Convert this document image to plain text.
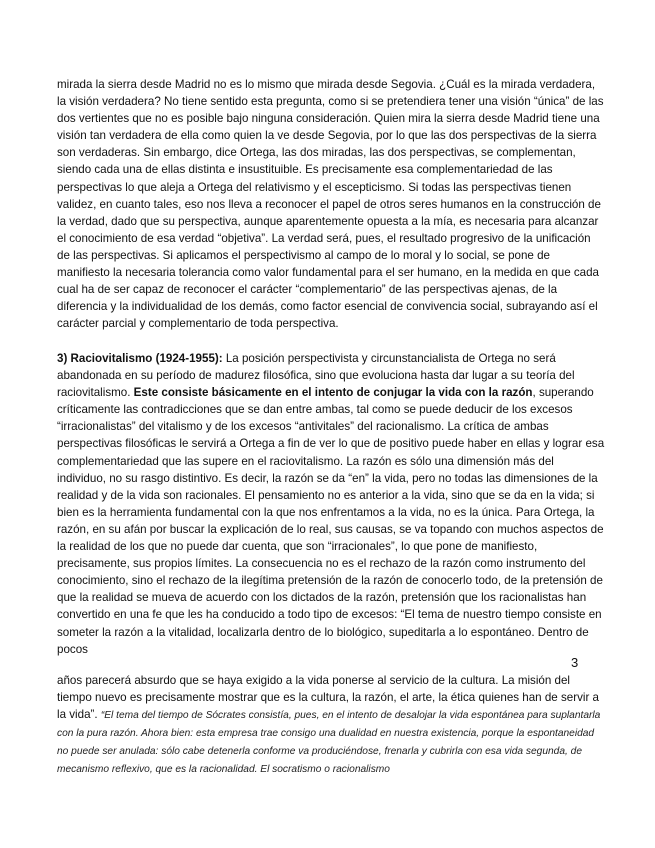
mirada la sierra desde Madrid no es lo mismo que mirada desde Segovia. ¿Cuál es la mirada verdadera, la visión verdadera? No tiene sentido esta pregunta, como si se pretendiera tener una visión “única” de las dos vertientes que no es posible bajo ninguna consideración. Quien mira la sierra desde Madrid tiene una visión tan verdadera de ella como quien la ve desde Segovia, por lo que las dos perspectivas de la sierra son verdaderas. Sin embargo, dice Ortega, las dos miradas, las dos perspectivas, se complementan, siendo cada una de ellas distinta e insustituible. Es precisamente esa complementariedad de las perspectivas lo que aleja a Ortega del relativismo y el escepticismo. Si todas las perspectivas tienen validez, en cuanto tales, eso nos lleva a reconocer el papel de otros seres humanos en la construcción de la verdad, dado que su perspectiva, aunque aparentemente opuesta a la mía, es necesaria para alcanzar el conocimiento de esa verdad “objetiva”. La verdad será, pues, el resultado progresivo de la unificación de las perspectivas. Si aplicamos el perspectivismo al campo de lo moral y lo social, se pone de manifiesto la necesaria tolerancia como valor fundamental para el ser humano, en la medida en que cada cual ha de ser capaz de reconocer el carácter “complementario” de las perspectivas ajenas, de la diferencia y la individualidad de los demás, como factor esencial de convivencia social, subrayando así el carácter parcial y complementario de toda perspectiva.

3) Raciovitalismo (1924-1955): La posición perspectivista y circunstancialista de Ortega no será abandonada en su período de madurez filosófica, sino que evoluciona hasta dar lugar a su teoría del raciovitalismo. Este consiste básicamente en el intento de conjugar la vida con la razón, superando críticamente las contradicciones que se dan entre ambas, tal como se puede deducir de los excesos “irracionalistas” del vitalismo y de los excesos “antivitales” del racionalismo. La crítica de ambas perspectivas filosóficas le servirá a Ortega a fin de ver lo que de positivo puede haber en ellas y lograr esa complementariedad que las supere en el raciovitalismo. La razón es sólo una dimensión más del individuo, no su rasgo distintivo. Es decir, la razón se da “en” la vida, pero no todas las dimensiones de la realidad y de la vida son racionales. El pensamiento no es anterior a la vida, sino que se da en la vida; si bien es la herramienta fundamental con la que nos enfrentamos a la vida, no es la única. Para Ortega, la razón, en su afán por buscar la explicación de lo real, sus causas, se va topando con muchos aspectos de la realidad de los que no puede dar cuenta, que son “irracionales”, lo que pone de manifiesto, precisamente, sus propios límites. La consecuencia no es el rechazo de la razón como instrumento del conocimiento, sino el rechazo de la ilegítima pretensión de la razón de conocerlo todo, de la pretensión de que la realidad se mueva de acuerdo con los dictados de la razón, pretensión que los racionalistas han convertido en una fe que les ha conducido a todo tipo de excesos: “El tema de nuestro tiempo consiste en someter la razón a la vitalidad, localizarla dentro de lo biológico, supeditarla a lo espontáneo. Dentro de pocos

3

años parecerá absurdo que se haya exigido a la vida ponerse al servicio de la cultura. La misión del tiempo nuevo es precisamente mostrar que es la cultura, la razón, el arte, la ética quienes han de servir a la vida”. “El tema del tiempo de Sócrates consistía, pues, en el intento de desalojar la vida espontánea para suplantarla con la pura razón. Ahora bien: esta empresa trae consigo una dualidad en nuestra existencia, porque la espontaneidad no puede ser anulada: sólo cabe detenerla conforme va produciéndose, frenarla y cubrirla con esa vida segunda, de mecanismo reflexivo, que es la racionalidad. El socratismo o racionalismo
